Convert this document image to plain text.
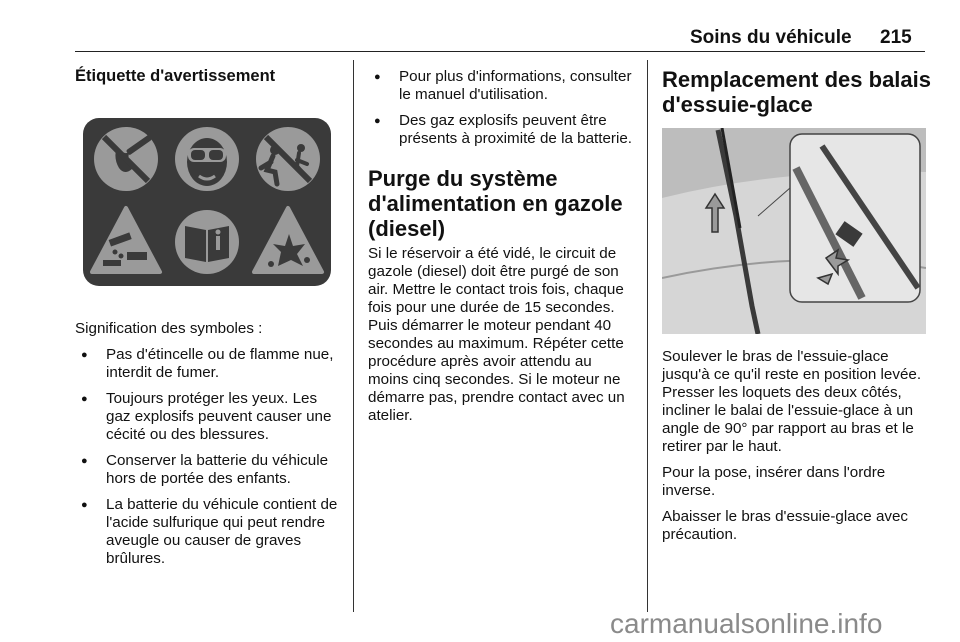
Soins du véhicule 215
Étiquette d'avertissement

Signification des symboles :

● Pas d'étincelle ou de flamme nue, interdit de fumer.
● Toujours protéger les yeux. Les gaz explosifs peuvent causer une cécité ou des blessures.
● Conserver la batterie du véhicule hors de portée des enfants.
● La batterie du véhicule contient de l'acide sulfurique qui peut rendre aveugle ou causer de graves brûlures.
● Pour plus d'informations, consulter le manuel d'utilisation.
● Des gaz explosifs peuvent être présents à proximité de la batterie.
Purge du système d'alimentation en gazole (diesel)

Si le réservoir a été vidé, le circuit de gazole (diesel) doit être purgé de son air. Mettre le contact trois fois, chaque fois pour une durée de 15 secondes. Puis démarrer le moteur pendant 40 secondes au maximum. Répéter cette procédure après avoir attendu au moins cinq secondes. Si le moteur ne démarre pas, prendre contact avec un atelier.

Remplacement des balais d'essuie-glace

Soulever le bras de l'essuie-glace jusqu'à ce qu'il reste en position levée. Presser les loquets des deux côtés, incliner le balai de l'essuie-glace à un angle de 90° par rapport au bras et le retirer par le haut.

Pour la pose, insérer dans l'ordre inverse.

Abaisser le bras d'essuie-glace avec précaution.

carmanualsonline.info
